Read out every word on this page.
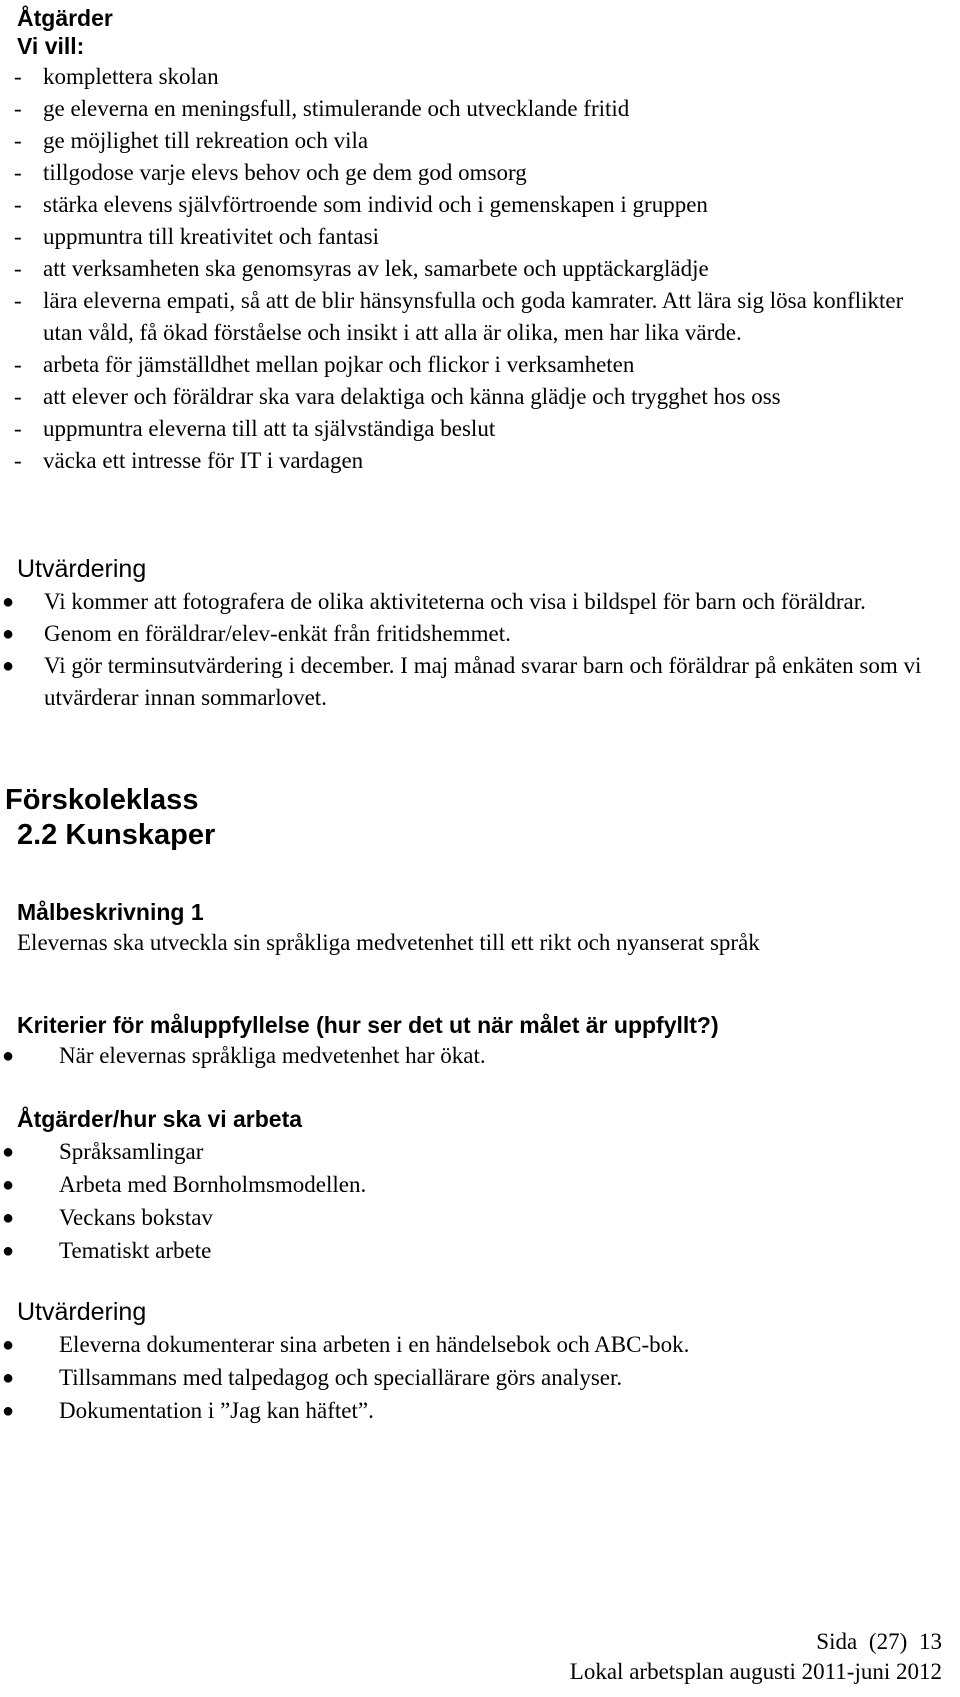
Åtgärder
Vi vill:
- komplettera skolan
- ge eleverna en meningsfull, stimulerande och utvecklande fritid
- ge möjlighet till rekreation och vila
- tillgodose varje elevs behov och ge dem god omsorg
- stärka elevens självförtroende som individ och i gemenskapen i gruppen
- uppmuntra till kreativitet och fantasi
- att verksamheten ska genomsyras av lek, samarbete och upptäckarglädje
- lära eleverna empati, så att de blir hänsynsfulla och goda kamrater. Att lära sig lösa konflikter utan våld, få ökad förståelse och insikt i att alla är olika, men har lika värde.
- arbeta för jämställdhet mellan pojkar och flickor i verksamheten
- att elever och föräldrar ska vara delaktiga och känna glädje och trygghet hos oss
- uppmuntra eleverna till att ta självständiga beslut
- väcka ett intresse för IT i vardagen
Utvärdering
● Vi kommer att fotografera de olika aktiviteterna och visa i bildspel för barn och föräldrar.
● Genom en föräldrar/elev-enkät från fritidshemmet.
● Vi gör terminsutvärdering i december. I maj månad svarar barn och föräldrar på enkäten som vi utvärderar innan sommarlovet.
Förskoleklass
2.2 Kunskaper
Målbeskrivning 1
Elevernas ska utveckla sin språkliga medvetenhet till ett rikt och nyanserat språk
Kriterier för måluppfyllelse (hur ser det ut när målet är uppfyllt?)
● När elevernas språkliga medvetenhet har ökat.
Åtgärder/hur ska vi arbeta
● Språksamlingar
● Arbeta med Bornholmsmodellen.
● Veckans bokstav
● Tematiskt arbete
Utvärdering
● Eleverna dokumenterar sina arbeten i en händelsebok och ABC-bok.
● Tillsammans med talpedagog och speciallärare görs analyser.
● Dokumentation i ”Jag kan häftet”.
Sida (27) 13
Lokal arbetsplan augusti 2011-juni 2012
